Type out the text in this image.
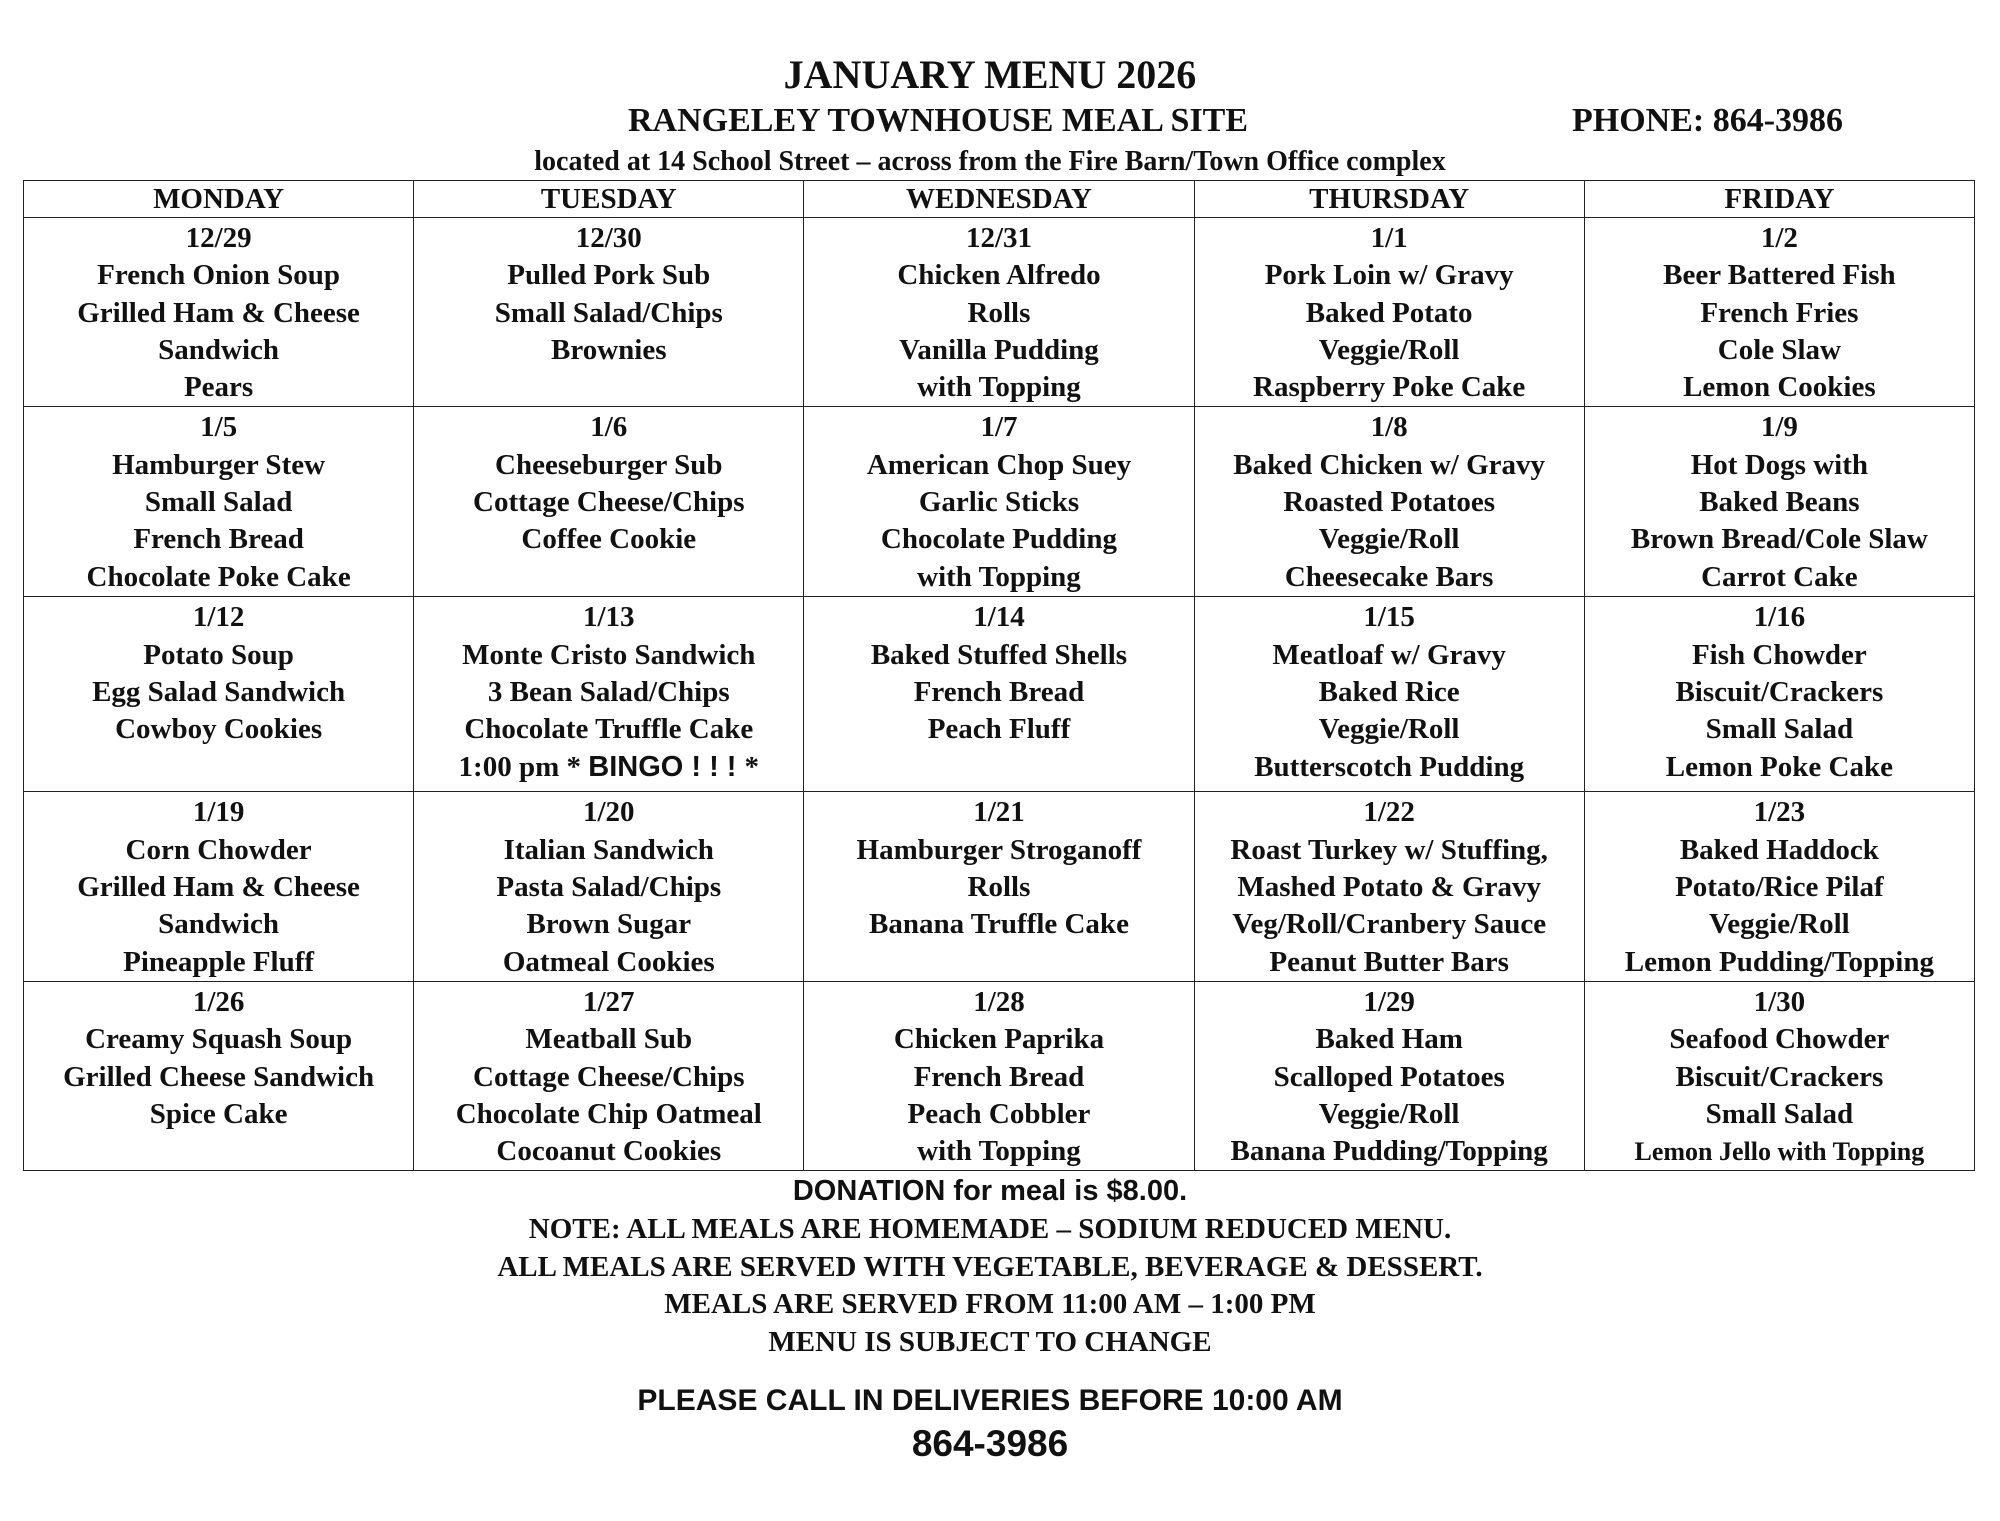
JANUARY MENU 2026
RANGELEY TOWNHOUSE MEAL SITE	PHONE: 864-3986
located at 14 School Street – across from the Fire Barn/Town Office complex
MONDAY	TUESDAY	WEDNESDAY	THURSDAY	FRIDAY

12/29
French Onion Soup
Grilled Ham & Cheese
Sandwich
Pears	12/30
Pulled Pork Sub
Small Salad/Chips
Brownies	12/31
Chicken Alfredo
Rolls
Vanilla Pudding
with Topping	1/1
Pork Loin w/ Gravy
Baked Potato
Veggie/Roll
Raspberry Poke Cake	1/2
Beer Battered Fish
French Fries
Cole Slaw
Lemon Cookies

1/5
Hamburger Stew
Small Salad
French Bread
Chocolate Poke Cake	1/6
Cheeseburger Sub
Cottage Cheese/Chips
Coffee Cookie	1/7
American Chop Suey
Garlic Sticks
Chocolate Pudding
with Topping	1/8
Baked Chicken w/ Gravy
Roasted Potatoes
Veggie/Roll
Cheesecake Bars	1/9
Hot Dogs with
Baked Beans
Brown Bread/Cole Slaw
Carrot Cake

1/12
Potato Soup
Egg Salad Sandwich
Cowboy Cookies	1/13
Monte Cristo Sandwich
3 Bean Salad/Chips
Chocolate Truffle Cake
1:00 pm * BINGO ! ! ! *	1/14
Baked Stuffed Shells
French Bread
Peach Fluff	1/15
Meatloaf w/ Gravy
Baked Rice
Veggie/Roll
Butterscotch Pudding	1/16
Fish Chowder
Biscuit/Crackers
Small Salad
Lemon Poke Cake

1/19
Corn Chowder
Grilled Ham & Cheese
Sandwich
Pineapple Fluff	1/20
Italian Sandwich
Pasta Salad/Chips
Brown Sugar
Oatmeal Cookies	1/21
Hamburger Stroganoff
Rolls
Banana Truffle Cake	1/22
Roast Turkey w/ Stuffing,
Mashed Potato & Gravy
Veg/Roll/Cranbery Sauce
Peanut Butter Bars	1/23
Baked Haddock
Potato/Rice Pilaf
Veggie/Roll
Lemon Pudding/Topping

1/26
Creamy Squash Soup
Grilled Cheese Sandwich
Spice Cake	1/27
Meatball Sub
Cottage Cheese/Chips
Chocolate Chip Oatmeal
Cocoanut Cookies	1/28
Chicken Paprika
French Bread
Peach Cobbler
with Topping	1/29
Baked Ham
Scalloped Potatoes
Veggie/Roll
Banana Pudding/Topping	1/30
Seafood Chowder
Biscuit/Crackers
Small Salad
Lemon Jello with Topping
DONATION for meal is $8.00.
NOTE: ALL MEALS ARE HOMEMADE – SODIUM REDUCED MENU.
ALL MEALS ARE SERVED WITH VEGETABLE, BEVERAGE & DESSERT.
MEALS ARE SERVED FROM 11:00 AM – 1:00 PM
MENU IS SUBJECT TO CHANGE
PLEASE CALL IN DELIVERIES BEFORE 10:00 AM
864-3986
